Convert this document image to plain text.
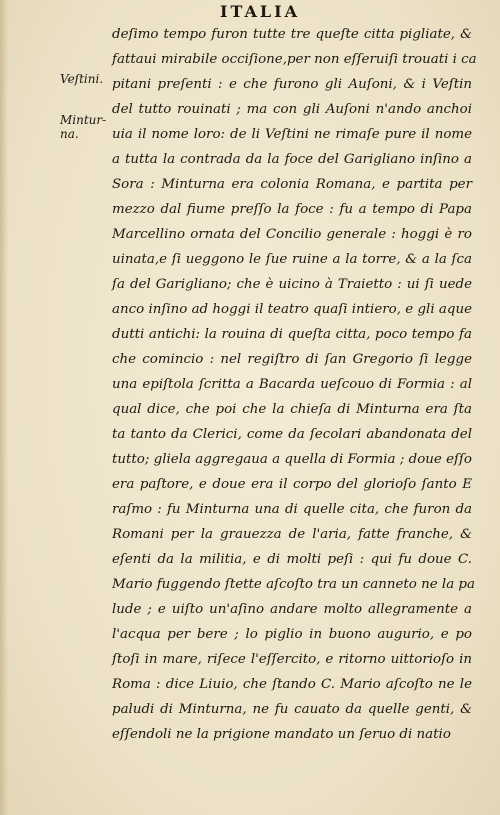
ITALIA
Veſtini.
Mintur-
na.
deſimo tempo furon tutte tre queſte citta pigliate, &
fattaui mirabile occiſione,per non eſſeruiſi trouati i ca
pitani preſenti : e che furono gli Auſoni, & i Veſtin
del tutto rouinati ; ma con gli Auſoni n'ando anchoi
uia il nome loro: de li Veſtini ne rimaſe pure il nome
a tutta la contrada da la foce del Garigliano inſino a
Sora : Minturna era colonia Romana, e partita per
mezzo dal fiume preſſo la foce : fu a tempo di Papa
Marcellino ornata del Concilio generale : hoggi è ro
uinata,e ſi ueggono le ſue ruine a la torre, & a la ſca
ſa del Garigliano; che è uicino à Traietto : ui ſi uede
anco inſino ad hoggi il teatro quaſi intiero, e gli aque
dutti antichi: la rouina di queſta citta, poco tempo fa
che comincio : nel regiſtro di ſan Gregorio ſi legge
una epiſtola ſcritta a Bacarda ueſcouo di Formia : al
qual dice, che poi che la chieſa di Minturna era ſta
ta tanto da Clerici, come da ſecolari abandonata del
tutto; gliela aggregaua a quella di Formia ; doue eſſo
era paſtore, e doue era il corpo del glorioſo ſanto E
raſmo : fu Minturna una di quelle cita, che furon da
Romani per la grauezza de l'aria, fatte franche, &
eſenti da la militia, e di molti peſi : qui fu doue C.
Mario fuggendo ſtette aſcoſto tra un canneto ne la pa
lude ; e uiſto un'aſino andare molto allegramente a
l'acqua per bere ; lo piglio in buono augurio, e po
ſtoſi in mare, riſece l'eſſercito, e ritorno uittorioſo in
Roma : dice Liuio, che ſtando C. Mario aſcoſto ne le
paludi di Minturna, ne fu cauato da quelle genti, &
eſſendoli ne la prigione mandato un ſeruo di natio
